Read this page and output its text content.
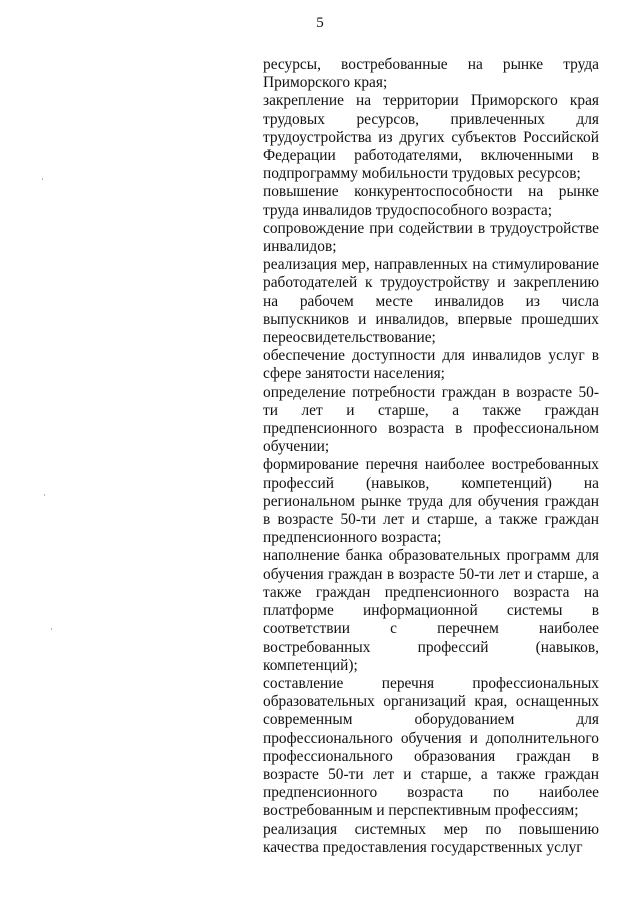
5

ресурсы, востребованные на рынке труда Приморского края;

закрепление на территории Приморского края трудовых ресурсов, привлеченных для трудоустройства из других субъектов Российской Федерации работодателями, включенными в подпрограмму мобильности трудовых ресурсов;

повышение конкурентоспособности на рынке труда инвалидов трудоспособного возраста;

сопровождение при содействии в трудоустройстве инвалидов;

реализация мер, направленных на стимулирование работодателей к трудоустройству и закреплению на рабочем месте инвалидов из числа выпускников и инвалидов, впервые прошедших переосвидетельствование;

обеспечение доступности для инвалидов услуг в сфере занятости населения;

определение потребности граждан в возрасте 50-ти лет и старше, а также граждан предпенсионного возраста в профессиональном обучении;

формирование перечня наиболее востребованных профессий (навыков, компетенций) на региональном рынке труда для обучения граждан в возрасте 50-ти лет и старше, а также граждан предпенсионного возраста;

наполнение банка образовательных программ для обучения граждан в возрасте 50-ти лет и старше, а также граждан предпенсионного возраста на платформе информационной системы в соответствии с перечнем наиболее востребованных профессий (навыков, компетенций);

составление перечня профессиональных образовательных организаций края, оснащенных современным оборудованием для профессионального обучения и дополнительного профессионального образования граждан в возрасте 50-ти лет и старше, а также граждан предпенсионного возраста по наиболее востребованным и перспективным профессиям;

реализация системных мер по повышению качества предоставления государственных услуг
